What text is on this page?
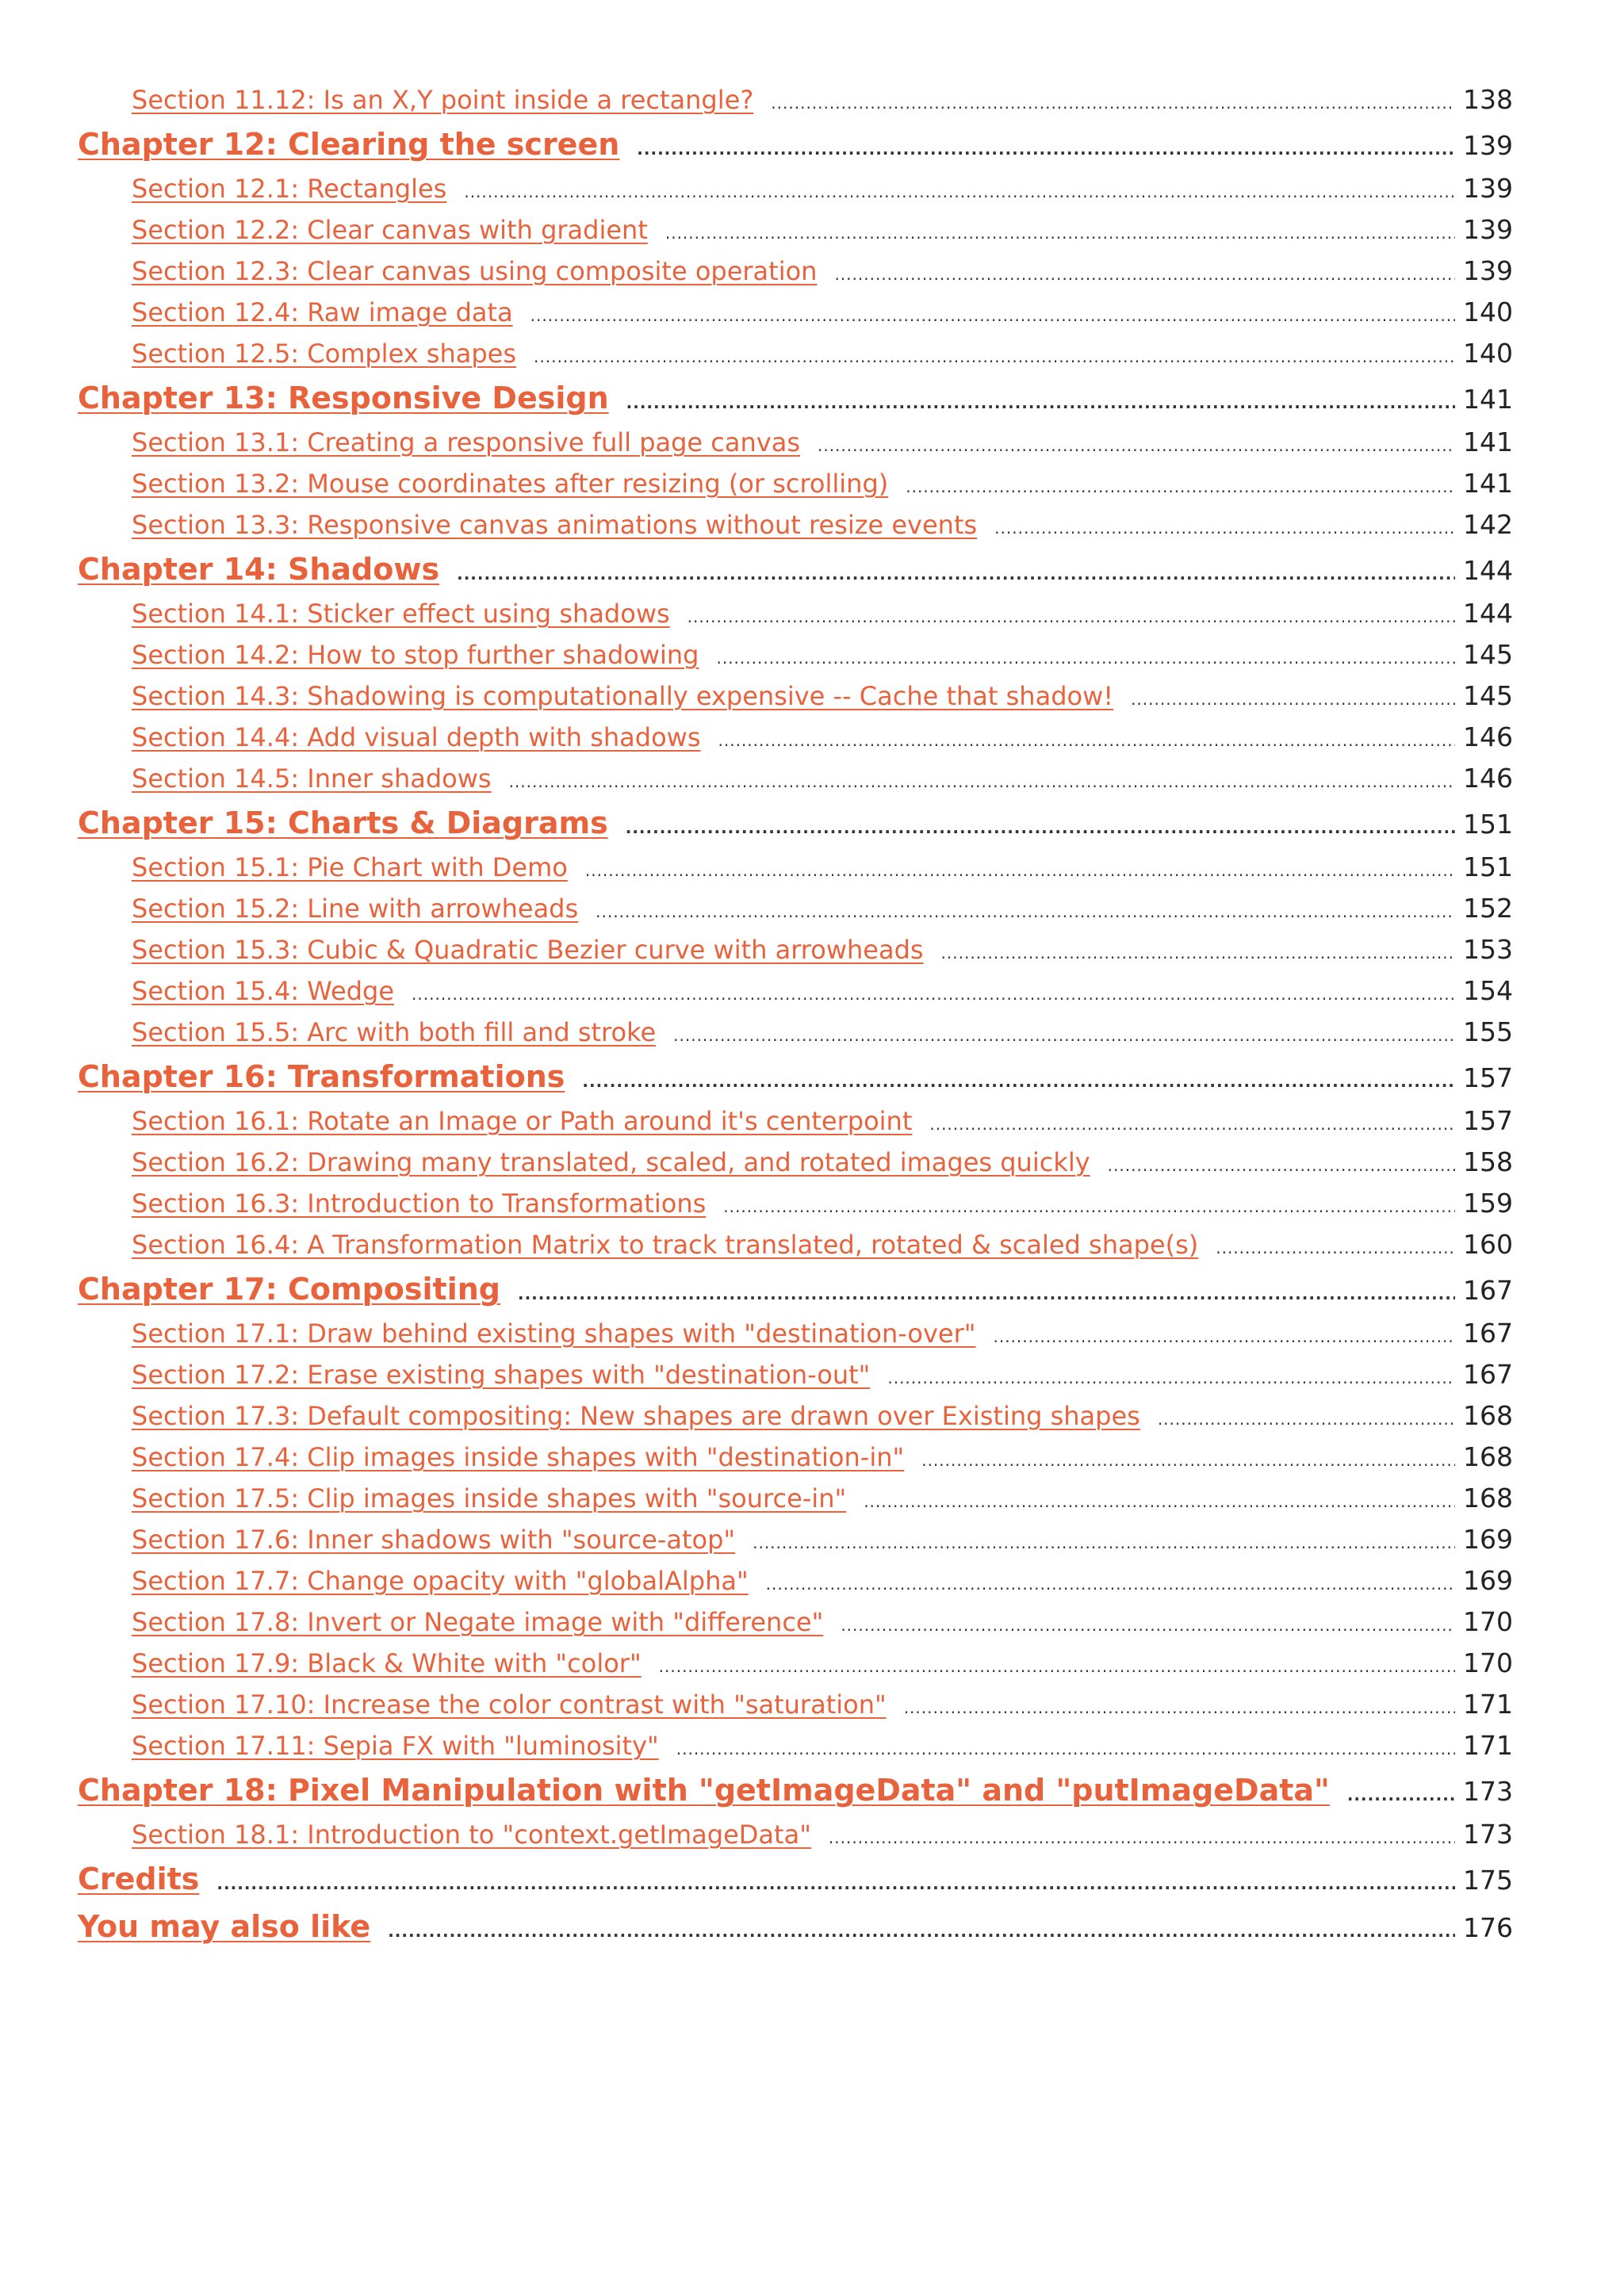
Section 11.12: Is an X,Y point inside a rectangle? .....	138
Chapter 12: Clearing the screen .....	139
Section 12.1: Rectangles .....	139
Section 12.2: Clear canvas with gradient .....	139
Section 12.3: Clear canvas using composite operation .....	139
Section 12.4: Raw image data .....	140
Section 12.5: Complex shapes .....	140
Chapter 13: Responsive Design .....	141
Section 13.1: Creating a responsive full page canvas .....	141
Section 13.2: Mouse coordinates after resizing (or scrolling) .....	141
Section 13.3: Responsive canvas animations without resize events .....	142
Chapter 14: Shadows .....	144
Section 14.1: Sticker effect using shadows .....	144
Section 14.2: How to stop further shadowing .....	145
Section 14.3: Shadowing is computationally expensive -- Cache that shadow! .....	145
Section 14.4: Add visual depth with shadows .....	146
Section 14.5: Inner shadows .....	146
Chapter 15: Charts & Diagrams .....	151
Section 15.1: Pie Chart with Demo .....	151
Section 15.2: Line with arrowheads .....	152
Section 15.3: Cubic & Quadratic Bezier curve with arrowheads .....	153
Section 15.4: Wedge .....	154
Section 15.5: Arc with both fill and stroke .....	155
Chapter 16: Transformations .....	157
Section 16.1: Rotate an Image or Path around it's centerpoint .....	157
Section 16.2: Drawing many translated, scaled, and rotated images quickly .....	158
Section 16.3: Introduction to Transformations .....	159
Section 16.4: A Transformation Matrix to track translated, rotated & scaled shape(s) .....	160
Chapter 17: Compositing .....	167
Section 17.1: Draw behind existing shapes with "destination-over" .....	167
Section 17.2: Erase existing shapes with "destination-out" .....	167
Section 17.3: Default compositing: New shapes are drawn over Existing shapes .....	168
Section 17.4: Clip images inside shapes with "destination-in" .....	168
Section 17.5: Clip images inside shapes with "source-in" .....	168
Section 17.6: Inner shadows with "source-atop" .....	169
Section 17.7: Change opacity with "globalAlpha" .....	169
Section 17.8: Invert or Negate image with "difference" .....	170
Section 17.9: Black & White with "color" .....	170
Section 17.10: Increase the color contrast with "saturation" .....	171
Section 17.11: Sepia FX with "luminosity" .....	171
Chapter 18: Pixel Manipulation with "getImageData" and "putImageData" .....	173
Section 18.1: Introduction to "context.getImageData" .....	173
Credits .....	175
You may also like .....	176
